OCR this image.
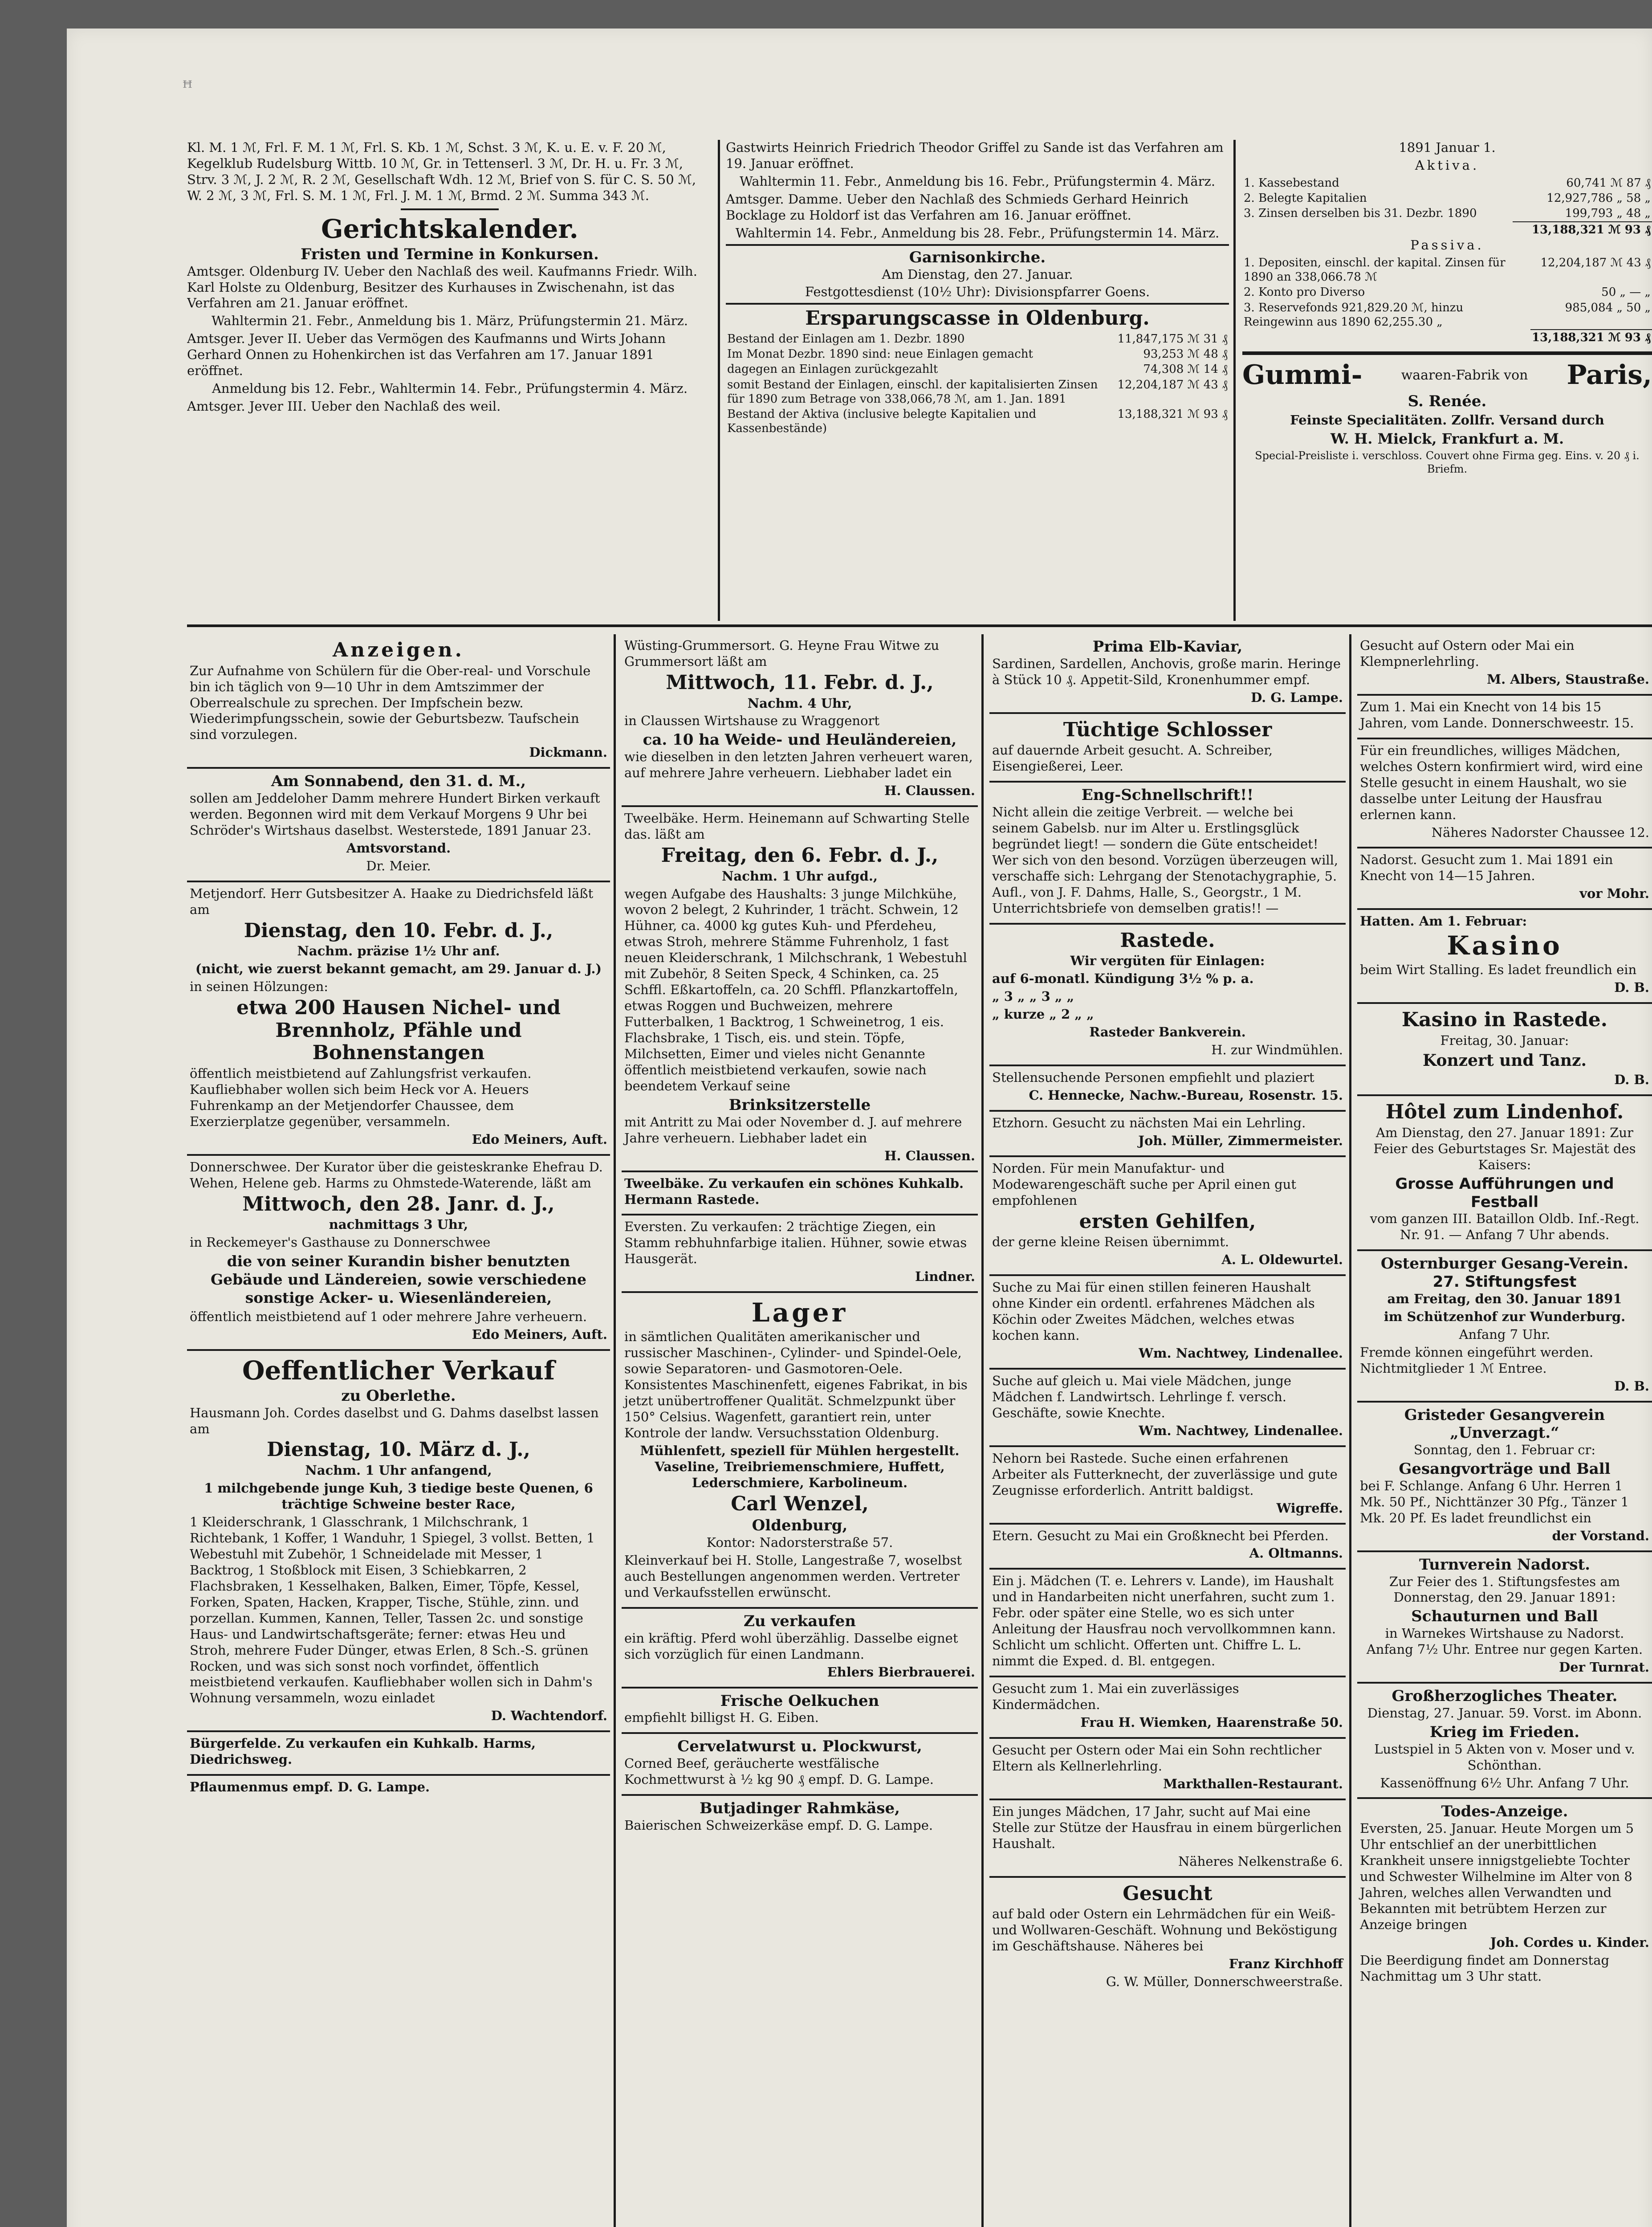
ꟸ

Kl. M. 1 ℳ, Frl. F. M. 1 ℳ, Frl. S. Kb. 1 ℳ, Schst. 3 ℳ, K. u. E. v. F. 20 ℳ, Kegelklub Rudelsburg Wittb. 10 ℳ, Gr. in Tettenserl. 3 ℳ, Dr. H. u. Fr. 3 ℳ, Strv. 3 ℳ, J. 2 ℳ, R. 2 ℳ, Gesellschaft Wdh. 12 ℳ, Brief von S. für C. S. 50 ℳ, W. 2 ℳ, 3 ℳ, Frl. S. M. 1 ℳ, Frl. J. M. 1 ℳ, Brmd. 2 ℳ. Summa 343 ℳ.

Gerichtskalender.
Fristen und Termine in Konkursen.

Amtsger. Oldenburg IV. Ueber den Nachlaß des weil. Kaufmanns Friedr. Wilh. Karl Holste zu Oldenburg, Besitzer des Kurhauses in Zwischenahn, ist das Verfahren am 21. Januar eröffnet.

Wahltermin 21. Febr., Anmeldung bis 1. März, Prüfungstermin 21. März.

Amtsger. Jever II. Ueber das Vermögen des Kaufmanns und Wirts Johann Gerhard Onnen zu Hohenkirchen ist das Verfahren am 17. Januar 1891 eröffnet.

Anmeldung bis 12. Febr., Wahltermin 14. Febr., Prüfungstermin 4. März.

Amtsger. Jever III. Ueber den Nachlaß des weil.

Gastwirts Heinrich Friedrich Theodor Griffel zu Sande ist das Verfahren am 19. Januar eröffnet.

Wahltermin 11. Febr., Anmeldung bis 16. Febr., Prüfungstermin 4. März.

Amtsger. Damme. Ueber den Nachlaß des Schmieds Gerhard Heinrich Bocklage zu Holdorf ist das Verfahren am 16. Januar eröffnet.

Wahltermin 14. Febr., Anmeldung bis 28. Febr., Prüfungstermin 14. März.

Garnisonkirche.

Am Dienstag, den 27. Januar.

Festgottesdienst (10½ Uhr): Divisionspfarrer Goens.

Ersparungscasse in Oldenburg.
Bestand der Einlagen am 1. Dezbr. 1890	11,847,175 ℳ 31 ₰
Im Monat Dezbr. 1890 sind: neue Einlagen gemacht	93,253 ℳ 48 ₰
dagegen an Einlagen zurückgezahlt	74,308 ℳ 14 ₰
somit Bestand der Einlagen, einschl. der kapitalisierten Zinsen für 1890 zum Betrage von 338,066,78 ℳ, am 1. Jan. 1891	12,204,187 ℳ 43 ₰
Bestand der Aktiva (inclusive belegte Kapitalien und Kassenbestände)	13,188,321 ℳ 93 ₰

1891 Januar 1.

Aktiva.

1. Kassebestand	60,741 ℳ 87 ₰
2. Belegte Kapitalien	12,927,786 „ 58 „
3. Zinsen derselben bis 31. Dezbr. 1890	199,793 „ 48 „
	13,188,321 ℳ 93 ₰

Passiva.

1. Depositen, einschl. der kapital. Zinsen für 1890 an 338,066.78 ℳ	12,204,187 ℳ 43 ₰
2. Konto pro Diverso	50 „ — „
3. Reservefonds 921,829.20 ℳ, hinzu Reingewinn aus 1890 62,255.30 „	985,084 „ 50 „
	13,188,321 ℳ 93 ₰
Gummi-	waaren-Fabrik von Paris,

S. Renée.

Feinste Specialitäten. Zollfr. Versand durch

W. H. Mielck, Frankfurt a. M.

Special-Preisliste i. verschloss. Couvert ohne Firma geg. Eins. v. 20 ₰ i. Briefm.

Anzeigen.

Zur Aufnahme von Schülern für die Ober-real- und Vorschule bin ich täglich von 9—10 Uhr in dem Amtszimmer der Oberrealschule zu sprechen. Der Impfschein bezw. Wiederimpfungsschein, sowie der Geburtsbezw. Taufschein sind vorzulegen.

Dickmann.

Am Sonnabend, den 31. d. M.,

sollen am Jeddeloher Damm mehrere Hundert Birken verkauft werden. Begonnen wird mit dem Verkauf Morgens 9 Uhr bei Schröder's Wirtshaus daselbst. Westerstede, 1891 Januar 23.

Amtsvorstand.

Dr. Meier.

Metjendorf. Herr Gutsbesitzer A. Haake zu Diedrichsfeld läßt am

Dienstag, den 10. Febr. d. J.,

Nachm. präzise 1½ Uhr anf.

(nicht, wie zuerst bekannt gemacht, am 29. Januar d. J.)

in seinen Hölzungen:

etwa 200 Hausen Nichel- und Brennholz, Pfähle und Bohnenstangen

öffentlich meistbietend auf Zahlungsfrist verkaufen. Kaufliebhaber wollen sich beim Heck vor A. Heuers Fuhrenkamp an der Metjendorfer Chaussee, dem Exerzierplatze gegenüber, versammeln.

Edo Meiners, Auft.

Donnerschwee. Der Kurator über die geisteskranke Ehefrau D. Wehen, Helene geb. Harms zu Ohmstede-Waterende, läßt am

Mittwoch, den 28. Janr. d. J.,

nachmittags 3 Uhr,

in Reckemeyer's Gasthause zu Donnerschwee

die von seiner Kurandin bisher benutzten Gebäude und Ländereien, sowie verschiedene sonstige Acker- u. Wiesenländereien,

öffentlich meistbietend auf 1 oder mehrere Jahre verheuern.

Edo Meiners, Auft.

Oeffentlicher Verkauf
zu Oberlethe.

Hausmann Joh. Cordes daselbst und G. Dahms daselbst lassen am

Dienstag, 10. März d. J.,

Nachm. 1 Uhr anfangend,

1 milchgebende junge Kuh, 3 tiedige beste Quenen, 6 trächtige Schweine bester Race,

1 Kleiderschrank, 1 Glasschrank, 1 Milchschrank, 1 Richtebank, 1 Koffer, 1 Wanduhr, 1 Spiegel, 3 vollst. Betten, 1 Webestuhl mit Zubehör, 1 Schneidelade mit Messer, 1 Backtrog, 1 Stoßblock mit Eisen, 3 Schiebkarren, 2 Flachsbraken, 1 Kesselhaken, Balken, Eimer, Töpfe, Kessel, Forken, Spaten, Hacken, Krapper, Tische, Stühle, zinn. und porzellan. Kummen, Kannen, Teller, Tassen 2c. und sonstige Haus- und Landwirtschaftsgeräte; ferner: etwas Heu und Stroh, mehrere Fuder Dünger, etwas Erlen, 8 Sch.-S. grünen Rocken, und was sich sonst noch vorfindet, öffentlich meistbietend verkaufen. Kaufliebhaber wollen sich in Dahm's Wohnung versammeln, wozu einladet

D. Wachtendorf.

Bürgerfelde. Zu verkaufen ein Kuhkalb. Harms, Diedrichsweg.

Pflaumenmus empf. D. G. Lampe.

Wüsting-Grummersort. G. Heyne Frau Witwe zu Grummersort läßt am

Mittwoch, 11. Febr. d. J.,

Nachm. 4 Uhr,

in Claussen Wirtshause zu Wraggenort

ca. 10 ha Weide- und Heuländereien,

wie dieselben in den letzten Jahren verheuert waren, auf mehrere Jahre verheuern. Liebhaber ladet ein

H. Claussen.

Tweelbäke. Herm. Heinemann auf Schwarting Stelle das. läßt am

Freitag, den 6. Febr. d. J.,

Nachm. 1 Uhr aufgd.,

wegen Aufgabe des Haushalts: 3 junge Milchkühe, wovon 2 belegt, 2 Kuhrinder, 1 trächt. Schwein, 12 Hühner, ca. 4000 kg gutes Kuh- und Pferdeheu, etwas Stroh, mehrere Stämme Fuhrenholz, 1 fast neuen Kleiderschrank, 1 Milchschrank, 1 Webestuhl mit Zubehör, 8 Seiten Speck, 4 Schinken, ca. 25 Schffl. Eßkartoffeln, ca. 20 Schffl. Pflanzkartoffeln, etwas Roggen und Buchweizen, mehrere Futterbalken, 1 Backtrog, 1 Schweinetrog, 1 eis. Flachsbrake, 1 Tisch, eis. und stein. Töpfe, Milchsetten, Eimer und vieles nicht Genannte öffentlich meistbietend verkaufen, sowie nach beendetem Verkauf seine

Brinksitzerstelle

mit Antritt zu Mai oder November d. J. auf mehrere Jahre verheuern. Liebhaber ladet ein

H. Claussen.

Tweelbäke. Zu verkaufen ein schönes Kuhkalb. Hermann Rastede.

Eversten. Zu verkaufen: 2 trächtige Ziegen, ein Stamm rebhuhnfarbige italien. Hühner, sowie etwas Hausgerät.

Lindner.

Lager

in sämtlichen Qualitäten amerikanischer und russischer Maschinen-, Cylinder- und Spindel-Oele, sowie Separatoren- und Gasmotoren-Oele. Konsistentes Maschinenfett, eigenes Fabrikat, in bis jetzt unübertroffener Qualität. Schmelzpunkt über 150° Celsius. Wagenfett, garantiert rein, unter Kontrole der landw. Versuchsstation Oldenburg.

Mühlenfett, speziell für Mühlen hergestellt. Vaseline, Treibriemenschmiere, Huffett, Lederschmiere, Karbolineum.

Carl Wenzel,
Oldenburg,

Kontor: Nadorsterstraße 57.

Kleinverkauf bei H. Stolle, Langestraße 7, woselbst auch Bestellungen angenommen werden. Vertreter und Verkaufsstellen erwünscht.

Zu verkaufen

ein kräftig. Pferd wohl überzählig. Dasselbe eignet sich vorzüglich für einen Landmann.

Ehlers Bierbrauerei.

Frische Oelkuchen

empfiehlt billigst H. G. Eiben.

Cervelatwurst u. Plockwurst,

Corned Beef, geräucherte westfälische Kochmettwurst à ½ kg 90 ₰ empf. D. G. Lampe.

Butjadinger Rahmkäse,

Baierischen Schweizerkäse empf. D. G. Lampe.

Prima Elb-Kaviar,

Sardinen, Sardellen, Anchovis, große marin. Heringe à Stück 10 ₰. Appetit-Sild, Kronenhummer empf.

D. G. Lampe.

Tüchtige Schlosser

auf dauernde Arbeit gesucht. A. Schreiber, Eisengießerei, Leer.

Eng-Schnellschrift!!

Nicht allein die zeitige Verbreit. — welche bei seinem Gabelsb. nur im Alter u. Erstlingsglück begründet liegt! — sondern die Güte entscheidet! Wer sich von den besond. Vorzügen überzeugen will, verschaffe sich: Lehrgang der Stenotachygraphie, 5. Aufl., von J. F. Dahms, Halle, S., Georgstr., 1 M. Unterrichtsbriefe von demselben gratis!! —

Rastede.

Wir vergüten für Einlagen:

auf 6-monatl. Kündigung 3½ % p. a.

„ 3 „ „ 3 „ „

„ kurze „ 2 „ „

Rasteder Bankverein.

H. zur Windmühlen.

Stellensuchende Personen empfiehlt und plaziert

C. Hennecke, Nachw.-Bureau, Rosenstr. 15.

Etzhorn. Gesucht zu nächsten Mai ein Lehrling.

Joh. Müller, Zimmermeister.

Norden. Für mein Manufaktur- und Modewarengeschäft suche per April einen gut empfohlenen

ersten Gehilfen,

der gerne kleine Reisen übernimmt.

A. L. Oldewurtel.

Suche zu Mai für einen stillen feineren Haushalt ohne Kinder ein ordentl. erfahrenes Mädchen als Köchin oder Zweites Mädchen, welches etwas kochen kann.

Wm. Nachtwey, Lindenallee.

Suche auf gleich u. Mai viele Mädchen, junge Mädchen f. Landwirtsch. Lehrlinge f. versch. Geschäfte, sowie Knechte.

Wm. Nachtwey, Lindenallee.

Nehorn bei Rastede. Suche einen erfahrenen Arbeiter als Futterknecht, der zuverlässige und gute Zeugnisse erforderlich. Antritt baldigst.

Wigreffe.

Etern. Gesucht zu Mai ein Großknecht bei Pferden.

A. Oltmanns.

Ein j. Mädchen (T. e. Lehrers v. Lande), im Haushalt und in Handarbeiten nicht unerfahren, sucht zum 1. Febr. oder später eine Stelle, wo es sich unter Anleitung der Hausfrau noch vervollkommnen kann. Schlicht um schlicht. Offerten unt. Chiffre L. L. nimmt die Exped. d. Bl. entgegen.

Gesucht zum 1. Mai ein zuverlässiges Kindermädchen.

Frau H. Wiemken, Haarenstraße 50.

Gesucht per Ostern oder Mai ein Sohn rechtlicher Eltern als Kellnerlehrling.

Markthallen-Restaurant.

Ein junges Mädchen, 17 Jahr, sucht auf Mai eine Stelle zur Stütze der Hausfrau in einem bürgerlichen Haushalt.

Näheres Nelkenstraße 6.

Gesucht

auf bald oder Ostern ein Lehrmädchen für ein Weiß- und Wollwaren-Geschäft. Wohnung und Beköstigung im Geschäftshause. Näheres bei

Franz Kirchhoff

G. W. Müller, Donnerschweerstraße.

Gesucht auf Ostern oder Mai ein Klempnerlehrling.

M. Albers, Staustraße.

Zum 1. Mai ein Knecht von 14 bis 15 Jahren, vom Lande. Donnerschweestr. 15.

Für ein freundliches, williges Mädchen, welches Ostern konfirmiert wird, wird eine Stelle gesucht in einem Haushalt, wo sie dasselbe unter Leitung der Hausfrau erlernen kann.

Näheres Nadorster Chaussee 12.

Nadorst. Gesucht zum 1. Mai 1891 ein Knecht von 14—15 Jahren.

vor Mohr.

Hatten. Am 1. Februar:

Kasino

beim Wirt Stalling. Es ladet freundlich ein

D. B.

Kasino in Rastede.

Freitag, 30. Januar:

Konzert und Tanz.

D. B.

Hôtel zum Lindenhof.

Am Dienstag, den 27. Januar 1891: Zur Feier des Geburtstages Sr. Majestät des Kaisers:

Grosse Aufführungen und Festball

vom ganzen III. Bataillon Oldb. Inf.-Regt. Nr. 91. — Anfang 7 Uhr abends.

Osternburger Gesang-Verein.
27. Stiftungsfest

am Freitag, den 30. Januar 1891

im Schützenhof zur Wunderburg.

Anfang 7 Uhr.

Fremde können eingeführt werden. Nichtmitglieder 1 ℳ Entree.

D. B.

Gristeder Gesangverein „Unverzagt.“

Sonntag, den 1. Februar cr:

Gesangvorträge und Ball

bei F. Schlange. Anfang 6 Uhr. Herren 1 Mk. 50 Pf., Nichttänzer 30 Pfg., Tänzer 1 Mk. 20 Pf. Es ladet freundlichst ein

der Vorstand.

Turnverein Nadorst.

Zur Feier des 1. Stiftungsfestes am Donnerstag, den 29. Januar 1891:

Schauturnen und Ball

in Warnekes Wirtshause zu Nadorst. Anfang 7½ Uhr. Entree nur gegen Karten.

Der Turnrat.

Großherzogliches Theater.

Dienstag, 27. Januar. 59. Vorst. im Abonn.

Krieg im Frieden.

Lustspiel in 5 Akten von v. Moser und v. Schönthan.

Kassenöffnung 6½ Uhr. Anfang 7 Uhr.

Todes-Anzeige.

Eversten, 25. Januar. Heute Morgen um 5 Uhr entschlief an der unerbittlichen Krankheit unsere innigstgeliebte Tochter und Schwester Wilhelmine im Alter von 8 Jahren, welches allen Verwandten und Bekannten mit betrübtem Herzen zur Anzeige bringen

Joh. Cordes u. Kinder.

Die Beerdigung findet am Donnerstag Nachmittag um 3 Uhr statt.
